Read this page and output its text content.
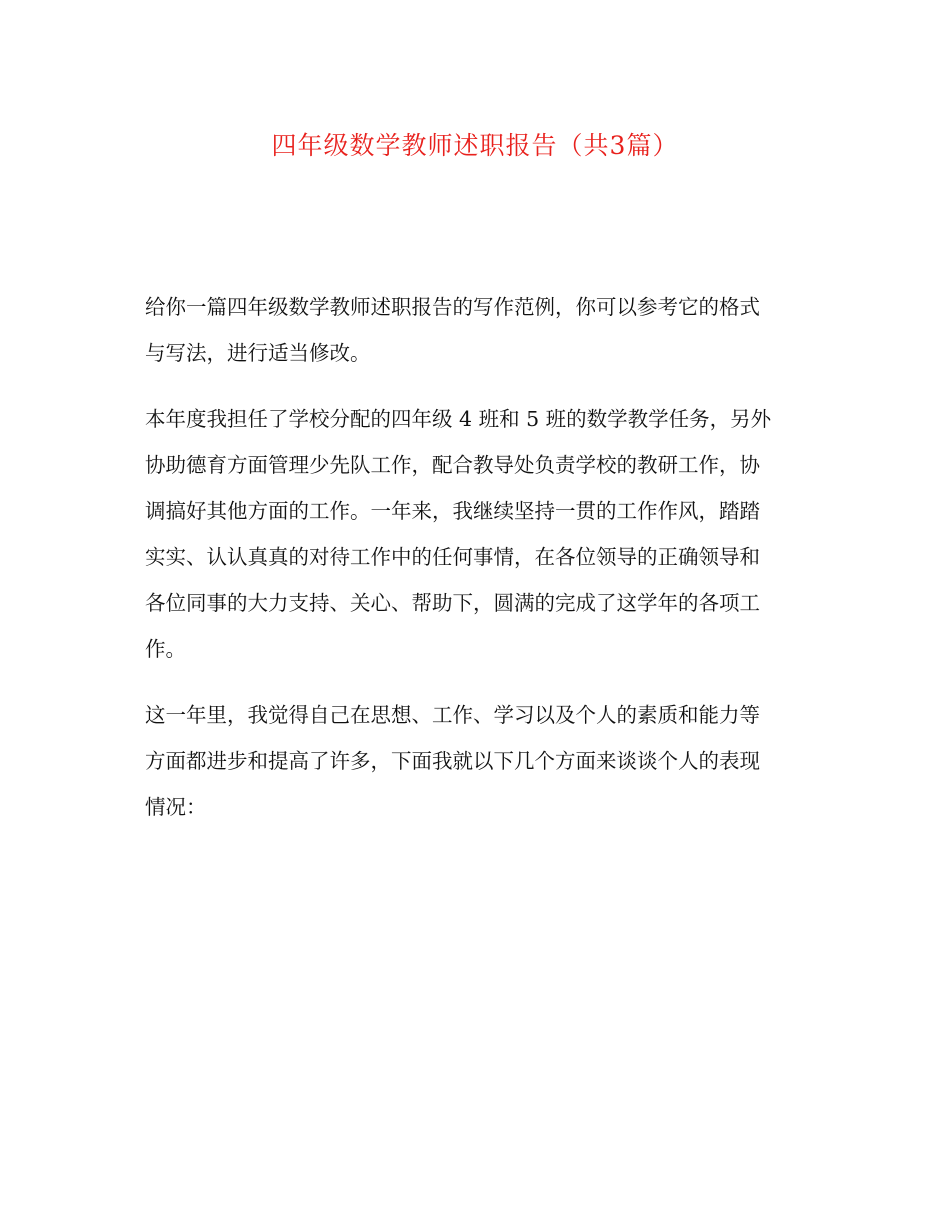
四年级数学教师述职报告（共3篇）

给你一篇四年级数学教师述职报告的写作范例，你可以参考它的格式
与写法，进行适当修改。

本年度我担任了学校分配的四年级 4 班和 5 班的数学教学任务，另外
协助德育方面管理少先队工作，配合教导处负责学校的教研工作，协
调搞好其他方面的工作。一年来，我继续坚持一贯的工作作风，踏踏
实实、认认真真的对待工作中的任何事情，在各位领导的正确领导和
各位同事的大力支持、关心、帮助下，圆满的完成了这学年的各项工
作。

这一年里，我觉得自己在思想、工作、学习以及个人的素质和能力等
方面都进步和提高了许多，下面我就以下几个方面来谈谈个人的表现
情况：
